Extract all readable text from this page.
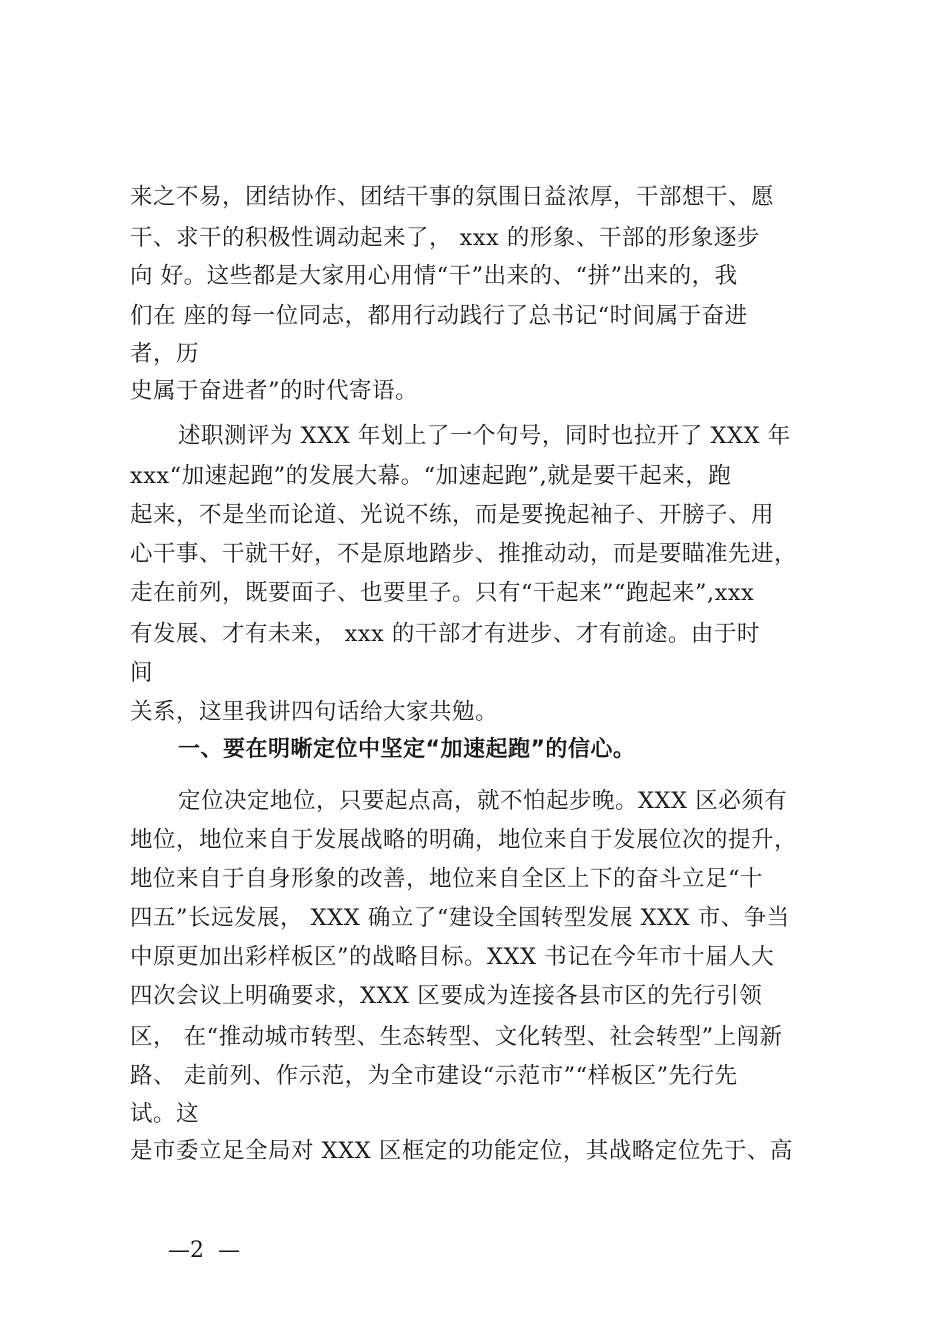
来之不易，团结协作、团结干事的氛围日益浓厚，干部想干、愿
干、求干的积极性调动起来了， xxx 的形象、干部的形象逐步
向 好。这些都是大家用心用情“干”出来的、“拼”出来的，我
们在 座的每一位同志，都用行动践行了总书记“时间属于奋进
者，历
史属于奋进者”的时代寄语。
述职测评为 XXX 年划上了一个句号，同时也拉开了 XXX 年
xxx“加速起跑”的发展大幕。“加速起跑”,就是要干起来，跑
起来，不是坐而论道、光说不练，而是要挽起袖子、开膀子、用
心干事、干就干好，不是原地踏步、推推动动，而是要瞄准先进，
走在前列，既要面子、也要里子。只有“干起来”“跑起来”,xxx
有发展、才有未来， xxx 的干部才有进步、才有前途。由于时
间
关系，这里我讲四句话给大家共勉。
一、要在明晰定位中坚定“加速起跑”的信心。
定位决定地位，只要起点高，就不怕起步晚。XXX 区必须有
地位，地位来自于发展战略的明确，地位来自于发展位次的提升，
地位来自于自身形象的改善，地位来自全区上下的奋斗立足“十
四五”长远发展， XXX 确立了“建设全国转型发展 XXX 市、争当
中原更加出彩样板区”的战略目标。XXX 书记在今年市十届人大
四次会议上明确要求，XXX 区要成为连接各县市区的先行引领
区， 在“推动城市转型、生态转型、文化转型、社会转型”上闯新
路、 走前列、作示范，为全市建设“示范市”“样板区”先行先
试。这
是市委立足全局对 XXX 区框定的功能定位，其战略定位先于、高
—2  —
